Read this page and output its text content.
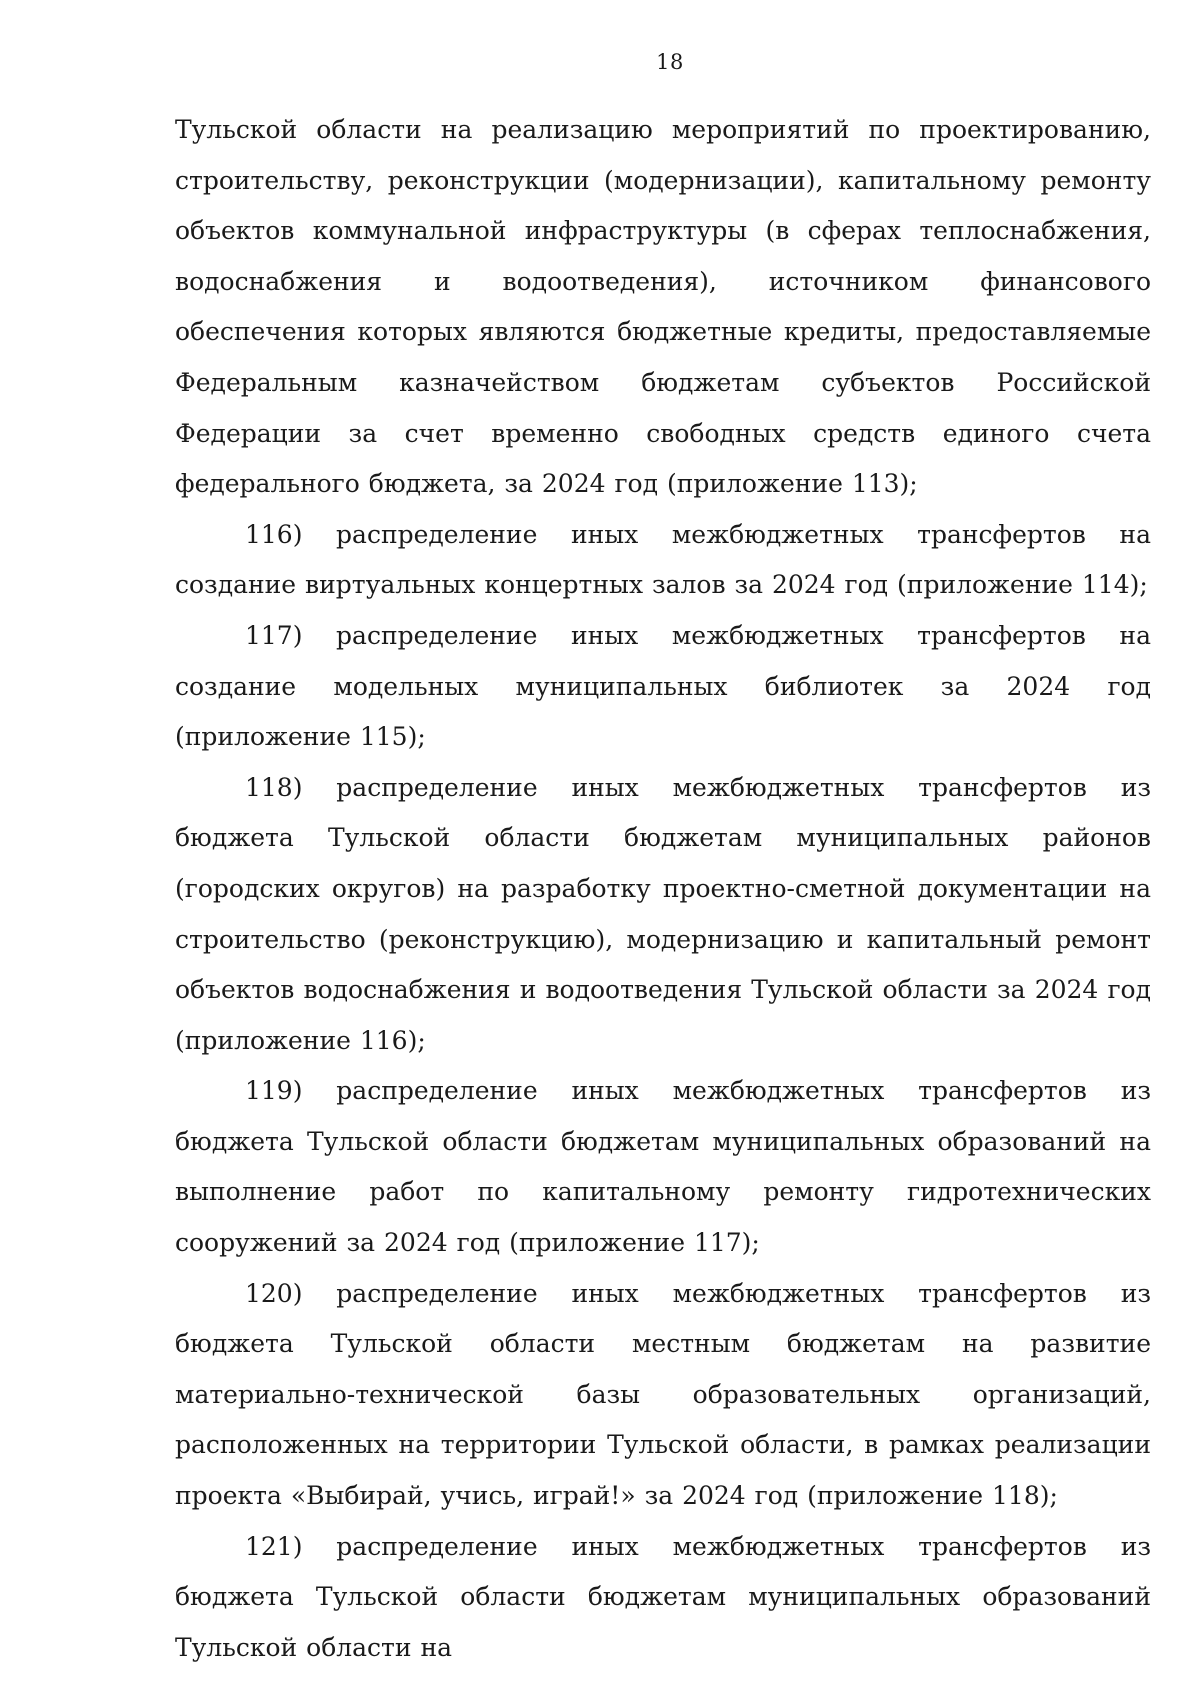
18

Тульской области на реализацию мероприятий по проектированию, строительству, реконструкции (модернизации), капитальному ремонту объектов коммунальной инфраструктуры (в сферах теплоснабжения, водоснабжения и водоотведения), источником финансового обеспечения которых являются бюджетные кредиты, предоставляемые Федеральным казначейством бюджетам субъектов Российской Федерации за счет временно свободных средств единого счета федерального бюджета, за 2024 год (приложение 113);

116) распределение иных межбюджетных трансфертов на создание виртуальных концертных залов за 2024 год (приложение 114);

117) распределение иных межбюджетных трансфертов на создание модельных муниципальных библиотек за 2024 год (приложение 115);

118) распределение иных межбюджетных трансфертов из бюджета Тульской области бюджетам муниципальных районов (городских округов) на разработку проектно-сметной документации на строительство (реконструкцию), модернизацию и капитальный ремонт объектов водоснабжения и водоотведения Тульской области за 2024 год (приложение 116);

119) распределение иных межбюджетных трансфертов из бюджета Тульской области бюджетам муниципальных образований на выполнение работ по капитальному ремонту гидротехнических сооружений за 2024 год (приложение 117);

120) распределение иных межбюджетных трансфертов из бюджета Тульской области местным бюджетам на развитие материально-технической базы образовательных организаций, расположенных на территории Тульской области, в рамках реализации проекта «Выбирай, учись, играй!» за 2024 год (приложение 118);

121) распределение иных межбюджетных трансфертов из бюджета Тульской области бюджетам муниципальных образований Тульской области на
